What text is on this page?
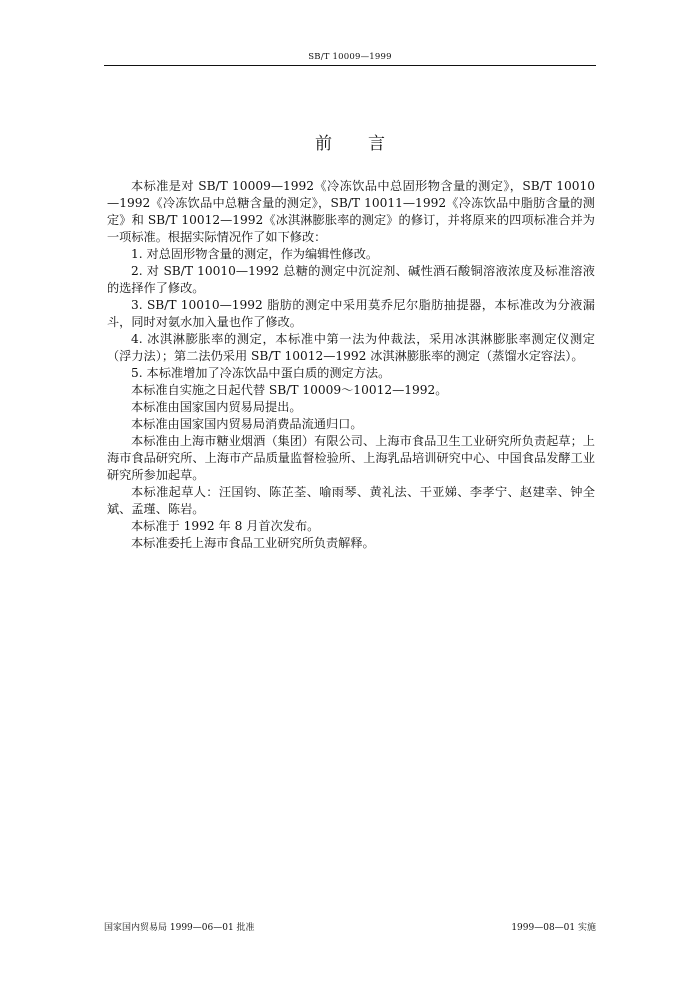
SB/T 10009—1999
前言

本标准是对 SB/T 10009—1992《冷冻饮品中总固形物含量的测定》，SB/T 10010—1992《冷冻饮品中总糖含量的测定》，SB/T 10011—1992《冷冻饮品中脂肪含量的测定》和 SB/T 10012—1992《冰淇淋膨胀率的测定》的修订，并将原来的四项标准合并为一项标准。根据实际情况作了如下修改：

1. 对总固形物含量的测定，作为编辑性修改。

2. 对 SB/T 10010—1992 总糖的测定中沉淀剂、碱性酒石酸铜溶液浓度及标准溶液的选择作了修改。

3. SB/T 10010—1992 脂肪的测定中采用莫乔尼尔脂肪抽提器，本标准改为分液漏斗，同时对氨水加入量也作了修改。

4. 冰淇淋膨胀率的测定，本标准中第一法为仲裁法，采用冰淇淋膨胀率测定仪测定（浮力法）；第二法仍采用 SB/T 10012—1992 冰淇淋膨胀率的测定（蒸馏水定容法）。

5. 本标准增加了冷冻饮品中蛋白质的测定方法。

本标准自实施之日起代替 SB/T 10009～10012—1992。

本标准由国家国内贸易局提出。

本标准由国家国内贸易局消费品流通归口。

本标准由上海市糖业烟酒（集团）有限公司、上海市食品卫生工业研究所负责起草；上海市食品研究所、上海市产品质量监督检验所、上海乳品培训研究中心、中国食品发酵工业研究所参加起草。

本标准起草人：汪国钧、陈芷荃、喻雨琴、黄礼法、干亚娣、李孝宁、赵建幸、钟全斌、孟瑾、陈岩。

本标准于 1992 年 8 月首次发布。

本标准委托上海市食品工业研究所负责解释。

国家国内贸易局 1999—06—01 批准	1999—08—01 实施
